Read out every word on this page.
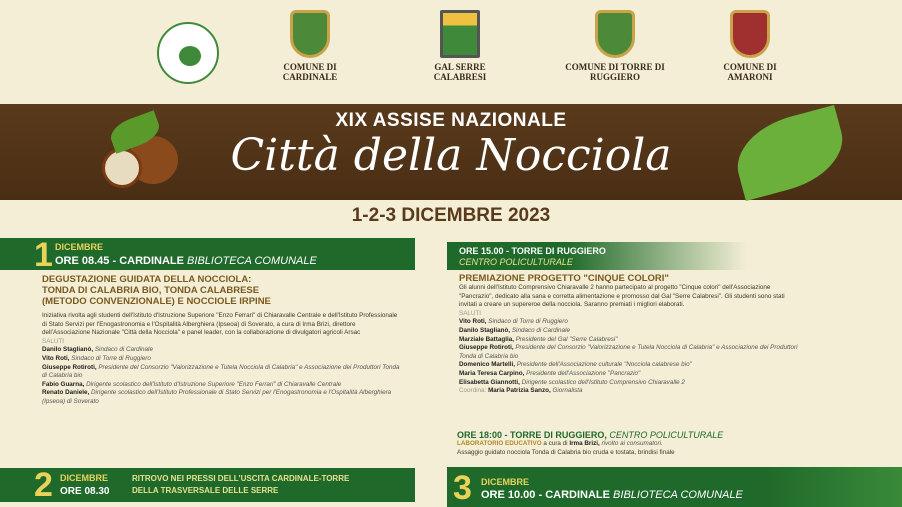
COMUNE DI CARDINALE
GAL SERRE CALABRESI
COMUNE DI TORRE DI RUGGIERO
COMUNE DI AMARONI
XIX ASSISE NAZIONALE
Città della Nocciola
1-2-3 DICEMBRE 2023
1 DICEMBRE
ORE 08.45 - CARDINALE BIBLIOTECA COMUNALE
DEGUSTAZIONE GUIDATA DELLA NOCCIOLA:
TONDA DI CALABRIA BIO, TONDA CALABRESE
(METODO CONVENZIONALE) E NOCCIOLE IRPINE
Iniziativa rivolta agli studenti dell'Istituto d'Istruzione Superiore "Enzo Ferrari" di Chiaravalle Centrale e dell'Istituto Professionale di Stato Servizi per l'Enogastronomia e l'Ospitalità Alberghiera (Ipseoa) di Soverato, a cura di Irma Brizi, direttore dell'Associazione Nazionale "Città della Nocciola" e panel leader, con la collaborazione di divulgatori agricoli Arsac
SALUTI
Danilo Staglianò, Sindaco di Cardinale
Vito Roti, Sindaco di Torre di Ruggiero
Giuseppe Rotiroti, Presidente del Consorzio "Valorizzazione e Tutela Nocciola di Calabria" e Associazione dei Produttori Tonda di Calabria bio
Fabio Guarna, Dirigente scolastico dell'Istituto d'Istruzione Superiore "Enzo Ferrari" di Chiaravalle Centrale
Renato Daniele, Dirigente scolastico dell'Istituto Professionale di Stato Servizi per l'Enogastronomia e l'Ospitalità Alberghiera (Ipseoa) di Soverato
2 DICEMBRE
ORE 08.30
RITROVO NEI PRESSI DELL'USCITA CARDINALE-TORRE
DELLA TRASVERSALE DELLE SERRE
ORE 15.00 - TORRE DI RUGGIERO
CENTRO POLICULTURALE
PREMIAZIONE PROGETTO "CINQUE COLORI"
Gli alunni dell'Istituto Comprensivo Chiaravalle 2 hanno partecipato al progetto "Cinque colori" dell'Associazione "Pancrazio", dedicato alla sana e corretta alimentazione e promosso dal Gal "Serre Calabresi". Gli studenti sono stati invitati a creare un supereroe della nocciola. Saranno premiati i migliori elaborati.
SALUTI
Vito Roti, Sindaco di Torre di Ruggiero
Danilo Staglianò, Sindaco di Cardinale
Marziale Battaglia, Presidente del Gal "Serre Calabresi"
Giuseppe Rotiroti, Presidente del Consorzio "Valorizzazione e Tutela Nocciola di Calabria" e Associazione dei Produttori Tonda di Calabria bio
Domenico Martelli, Presidente dell'Associazione culturale "Nocciola calabrese bio"
Maria Teresa Carpino, Presidente dell'Associazione "Pancrazio"
Elisabetta Giannotti, Dirigente scolastico dell'Istituto Comprensivo Chiaravalle 2
Coordina: Maria Patrizia Sanzo, Giornalista
ORE 18:00 - TORRE DI RUGGIERO, CENTRO POLICULTURALE
LABORATORIO EDUCATIVO a cura di Irma Brizi, rivolto ai consumatori.
Assaggio guidato nocciola Tonda di Calabria bio cruda e tostata, brindisi finale
3 DICEMBRE
ORE 10.00 - CARDINALE BIBLIOTECA COMUNALE
